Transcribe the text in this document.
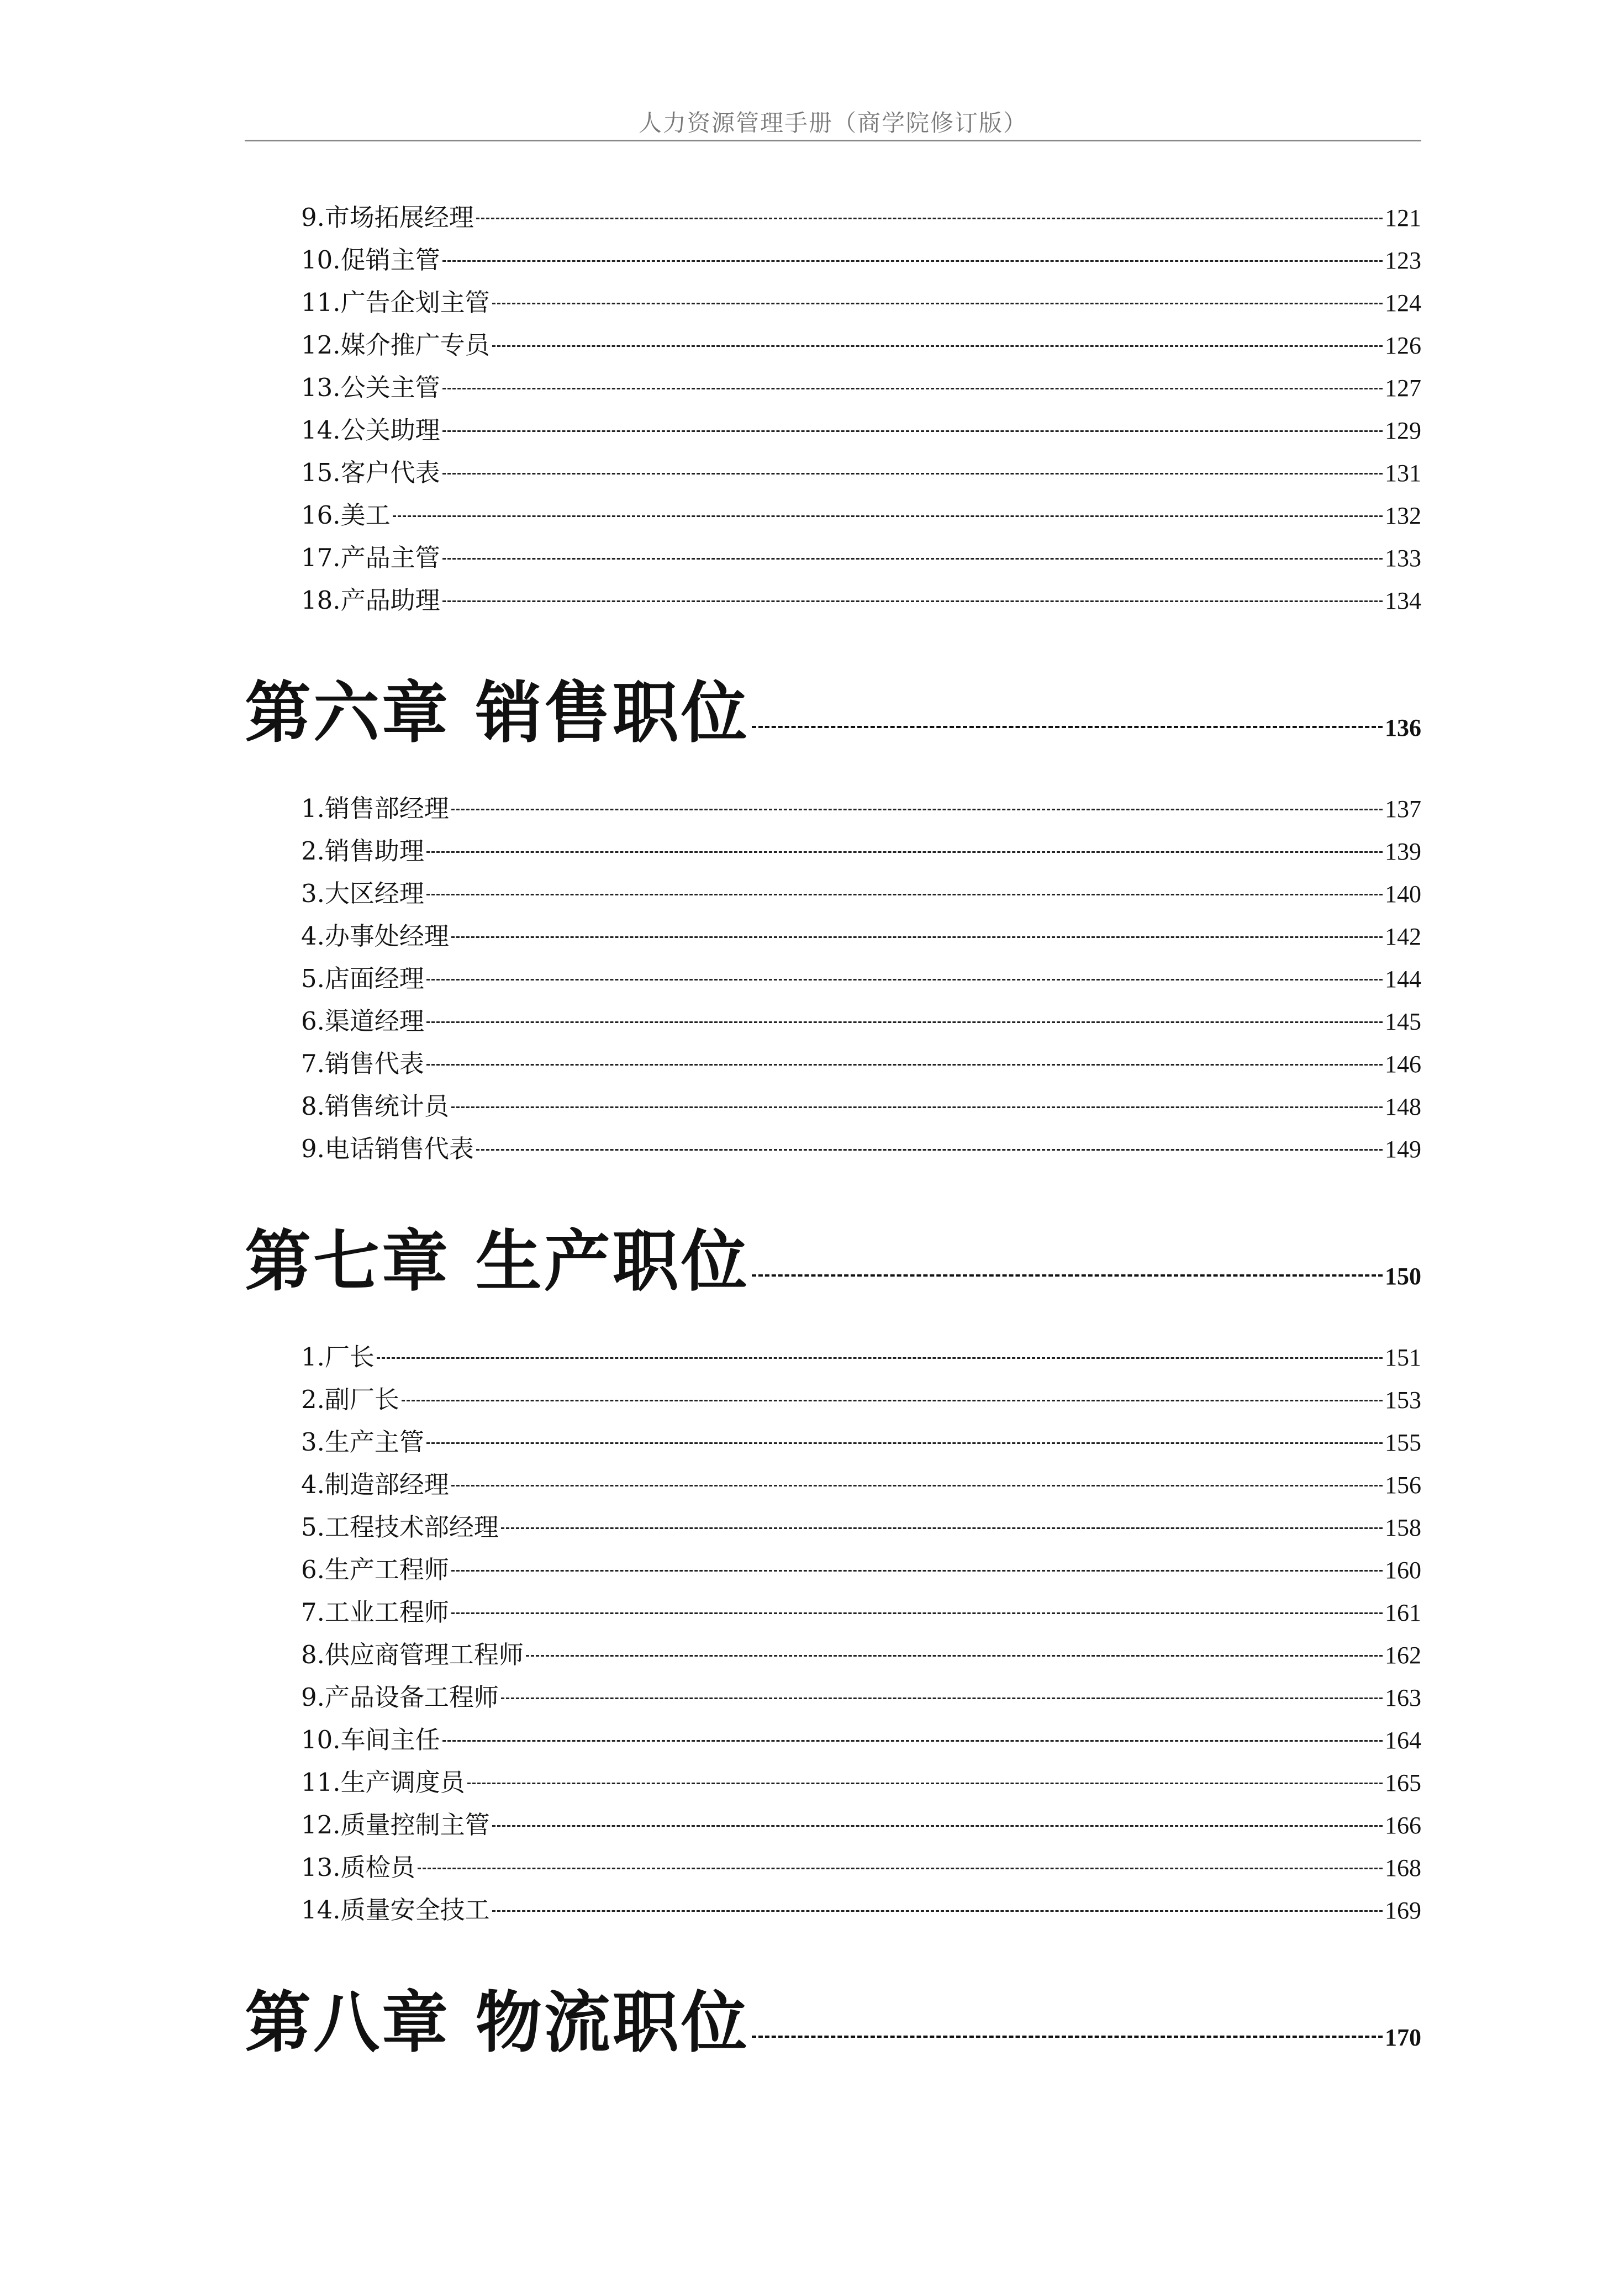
人力资源管理手册（商学院修订版）
9.市场拓展经理	121
10.促销主管	123
11.广告企划主管	124
12.媒介推广专员	126
13.公关主管	127
14.公关助理	129
15.客户代表	131
16.美工	132
17.产品主管	133
18.产品助理	134
第六章 销售职位	136
1.销售部经理	137
2.销售助理	139
3.大区经理	140
4.办事处经理	142
5.店面经理	144
6.渠道经理	145
7.销售代表	146
8.销售统计员	148
9.电话销售代表	149
第七章 生产职位	150
1.厂长	151
2.副厂长	153
3.生产主管	155
4.制造部经理	156
5.工程技术部经理	158
6.生产工程师	160
7.工业工程师	161
8.供应商管理工程师	162
9.产品设备工程师	163
10.车间主任	164
11.生产调度员	165
12.质量控制主管	166
13.质检员	168
14.质量安全技工	169
第八章 物流职位	170
